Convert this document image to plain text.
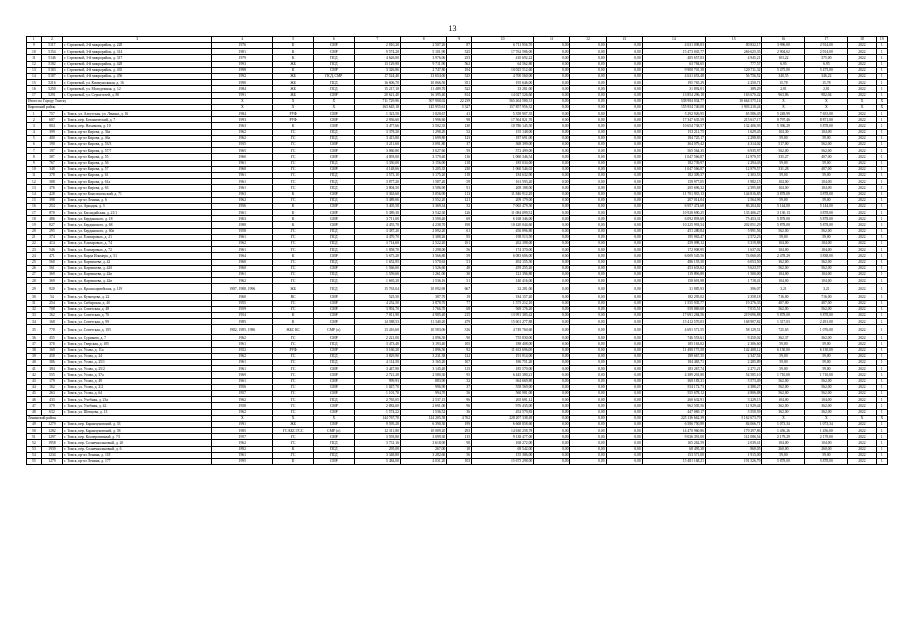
13
1	2	3	4	5	6	7	8	9	10	11	12	13	14	15	16	17	18	19
9	5117	г. Стрежевой, 2-й микрорайон, д. 228	1976	К	СМР	2 810,20	2 507,20	87	6 711 956,70	0,00	0,00	0,00	4 631 098,83	80 832,17	3 996,00	2 914,00	2022	1
10	5154	г. Стрежевой, 3-й микрорайон, д. 314	1981	К	СМР	9 574,20	5 101,90	525	17 762 586,00	0,00	0,00	0,00	15 473 045,77	266 625,35	2 904,62	2 914,00	2022	1
11	5146	г. Стрежевой, 3-й микрорайон, д. 317	1979	К	ПСД	4 626,00	3 976,06	253	410 692,22	0,00	0,00	0,00	405 657,03	4 945,21	103,22	375,00	2022	1
12	5182	г. Стрежевой, 4-й микрорайон, д. 428	1993	ЖБ	ПСД	13 129,90	9 711,90	562	64 562,80	0,00	0,00	0,00	63 784,65	777,57	6,95	6,95	2022	1
13	5183	г. Стрежевой, 4-й микрорайон, д. 435	1998	К	СМР	3 326,86	2 747,80	104	10 025 512,60	0,00	0,00	0,00	9 900 701,38	120 711,32	5 475,00	5 475,00	2022	1
14	5187	г. Стрежевой, 4-й микрорайон, д. 456	1992	ЖБ	ПСД, СМР	17 524,40	13 654,00	525	4 700 560,00	0,00	0,00	0,00	4 631 653,48	56 756,52	340,55	346,22	2022	1
15	5216	г. Стрежевой, ул. Коммунальная, д. 16	1990	ЖБ	ПСД	16 606,70	10 066,50	351	195 646,00	0,00	0,00	0,00	195 765,29	2 250,71	15,78	15,78	2022	1
16	5250	г. Стрежевой, ул. Молодежная, д. 12	1984	ЖБ	ПСД	15 217,10	11 489,70	522	33 281,00	0,00	0,00	0,00	31 892,01	389,29	2,81	2,81	2022	1
17	5291	г. Стрежевой, ул. Строителей, д. 80	1991	ЖБ	СМР	20 621,40	16 395,40	814	14 027 526,60	0,00	0,00	0,00	13 854 296,18	163 670,42	963,86	982,04	2022	1
Итого по Городу Томску			Х	Х	Х	711 729,96	507 900,02	22 239	565 464 580,31	0,00	0,00	0,00	538 984 034,77	10 664 575,14	Х	Х	Х	Х
Кировский район			Х	Х	Х	163 645,18	145 955,61	5 327	157 857 956,32	0,00	0,00	0,00	155 954 740,08	1 903 210,24	Х	Х	Х	Х
1	757	г. Томск, ул. Алеутская, ул. Ленина, д. 16	1984	РУФ	СМР	1 323,50	1 020,67	41	5 358 907,35	0,00	0,00	0,00	5 292 926,95	65 586,45	5 249,99	7 653,00	2022	1
2	687	г. Томск, пер. Ботанический, д. 7	1993	РУФ	СМР	2 936,60	1 996,60	98	17 564 821,76	0,00	0,00	0,00	17 347 635,59	215 617,17	8 797,46	8 871,00	2022	1
3	804	г. Томск, пер. Нахимова, д. 10	1963	К	СМР	3 477,66	3 502,35	130	10 786 145,50	0,00	0,00	0,00	10 654 738,57	132 406,93	5 396,29	5 878,00	2022	1
4	399	г. Томск, пр-кт Кирова, д. 36а	1962	ГС	ПСД	3 378,20	1 298,20	52	155 148,00	0,00	0,00	0,00	153 211,75	1 629,45	104,30	104,00	2022	1
5	400	г. Томск, пр-кт Кирова, д. 46а	1962	ГС	ПСД	3 415,80	1 699,80	123	187 691,00	0,00	0,00	0,00	184 725,17	2 298,83	59,00	59,00	2022	1
6	190	г. Томск, пр-кт Кирова, д. 53/3	1955	ГС	СМР	3 211,60	3 091,80	37	368 399,00	0,00	0,00	0,00	364 079,42	4 314,02	517,00	562,00	2022	1
7	197	г. Томск, пр-кт Кирова, д. 57/7	1965	ГС	СМР	3 060,80	3 027,60	59	572 499,00	0,00	0,00	0,00	565 564,35	6 935,97	562,00	562,00	2022	1
8	387	г. Томск, пр-кт Кирова, д. 55	1960	ГС	СМР	4 093,00	3 179,40	116	1 060 346,54	0,00	0,00	0,00	1 047 566,87	12 979,57	335,27	407,00	2022	1
9	767	г. Томск, пр-кт Кирова, д. 56	1961	ГС	ПСД	3 350,00	3 156,00	118	185 034,00	0,00	0,00	0,00	182 739,97	2 294,43	59,00	59,00	2022	1
10	348	г. Томск, пр-кт Кирова, д. 57	1960	ГС	СМР	4 148,66	3 205,35	230	1 060 546,02	0,00	0,00	0,00	1 047 566,87	12 979,57	331,28	407,00	2022	1
11	378	г. Томск, пр-кт Кирова, д. 61	1961	ГС	ПСД	3 573,10	3 175,20	118	184 632,90	0,00	0,00	0,00	182 309,37	2 303,53	59,00	59,00	2022	1
12	388	г. Томск, пр-кт Кирова, д. 61а	1961	ГС	ПСД	3 877,20	1 587,20	59	161 593,20	0,00	0,00	0,00	159 977,05	1 982,15	104,00	104,00	2022	1
13	376	г. Томск, пр-кт Кирова, д. 63	1961	ГС	ПСД	3 804,50	3 586,90	91	208 188,00	0,00	0,00	0,00	205 696,32	2 595,68	104,00	104,00	2022	1
14	428	г. Томск, пр-кт Комсомольский, д. 71	1963	К	СМР	3 363,60	3 056,90	113	11 846 912,20	0,00	0,00	0,00	11 701 935,13	144 816,85	3 878,00	3 878,00	2022	1
15	398	г. Томск, пр-кт Ленина, д. 6	1962	ГС	ПСД	3 489,06	3 552,20	121	209 179,00	0,00	0,00	0,00	207 014,04	2 564,96	59,00	59,00	2022	1
16	254	г. Томск, ул. Аркадия, д. 3	1956	К	СМР	3 405,58	3 369,34	52	7 065 479,50	0,00	0,00	0,00	6 957 474,68	86 204,82	5 144,00	5 144,00	2022	1
17	870	г. Томск, ул. Басандайская, д. 21/1	1961	К	СМР	5 389,30	3 542,30	126	11 084 099,52	0,00	0,00	0,00	10 928 690,25	135 406,27	3 130,13	3 878,00	2022	1
18	486	г. Томск, ул. Бердянского, д. 18	1963	К	СМР	3 711,00	3 590,40	69	6 168 346,00	0,00	0,00	0,00	6 092 893,69	75 453,31	5 878,00	5 878,00	2022	1
19	827	г. Томск, ул. Бердянского, д. 68	1988	К	СМР	4 455,70	4 238,70	190	10 420 044,60	0,00	0,00	0,00	10 225 993,54	202 051,29	5 878,00	5 878,00	2022	1
20	295	г. Томск, ул. Бердянского, д. 60а	1958	ГС	ПСД	3 387,20	2 092,20	61	456 896,80	0,00	0,00	0,00	451 280,84	5 991,56	562,00	562,00	2022	1
21	374	г. Томск, ул. Елизаровых, д. 21	1961	ГС	ПСД	4 470,70	3 388,26	95	198 513,50	0,00	0,00	0,00	195 963,47	2 572,23	59,00	59,00	2022	1
22	414	г. Томск, ул. Елизаровых, д. 74	1962	ГС	ПСД	3 714,60	2 522,20	101	262 398,00	0,00	0,00	0,00	259 098,12	3 319,88	104,00	104,00	2022	1
23	546	г. Томск, ул. Елизаровых, д. 72	1961	ГС	ПСД	1 858,70	1 298,00	56	174 370,00	0,00	0,00	0,00	172 908,95	1 637,02	104,00	104,00	2022	1
24	471	г. Томск, ул. Карла Ильмера, д. 51	1964	К	СМР	5 675,20	3 566,80	59	6 083 606,00	0,00	0,00	0,00	6 009 545,56	74 060,05	2 478,29	3 838,00	2022	1
25	560	г. Томск, ул. Картишева, д. 42	1960	ГС	ПСД	1 652,95	1 570,63	51	492 155,50	0,00	0,00	0,00	486 155,50	6 053,50	362,00	362,00	2022	1
26	561	г. Томск, ул. Картишева, д. 42б	1960	ГС	СМР	1 566,00	1 526,60	48	459 255,20	0,00	0,00	0,00	453 633,62	5 623,57	562,00	562,00	2022	1
27	369	г. Томск, ул. Картишева, д. 42в	1961	ГС	ПСД	1 559,60	1 261,00	30	121 396,80	0,00	0,00	0,00	119 896,80	1 500,00	104,00	104,00	2022	1
28	369	г. Томск, ул. Картишева, д. 42в	1962	ГС	ПСД	1 665,20	1 536,16	51	140 416,00	0,00	0,00	0,00	158 691,98	1 718,41	104,00	104,00	2022	1
29	820	г. Томск, ул. Красноармейская, д. 119	1987, 1988, 1996	ЖБ	ПСД	15 763,04	10 092,69	667	32 281,00	0,00	0,00	0,00	31 885,93	396,07	3,21	3,21	2022	1
30	54	г. Томск, ул. Кузнецова, д. 22	1960	ВС	СМР	525,50	387,70	19	184 157,20	0,00	0,00	0,00	182 295,02	2 358,18	716,00	716,00	2022	1
31	254	г. Томск, ул. Сибирская, д. 4б	1955	ГС	СМР	4 252,50	3 878,70	77	1 575 212,10	0,00	0,00	0,00	1 555 935,77	19 276,33	407,00	407,00	2022	1
32	708	г. Томск, ул. Советская, д. 48	1959	ГС	СМР	3 992,70	1 766,70	68	569 176,20	0,00	0,00	0,00	559 869,68	7 015,51	562,00	562,00	2022	1
33	162	г. Томск, ул. Советская, д. 76	1954	К	СМР	7 811,90	4 985,40	215	13 991 385,42	0,00	0,00	0,00	17 691 284,56	219 096,88	5 878,00	5 878,00	2022	1
34	168	г. Томск, ул. Советская, д. 99	1985	К	СМР	14 588,53	11 340,20	479	15 601 277,88	0,00	0,00	0,00	15 412 570,03	168 907,82	1 317,03	2 491,00	2022	1
35	778	г. Томск, ул. Советская, д. 105	1982, 1985, 1986	ЖБС КС	СМР (о)	13 416,60	10 583,06	316	4 749 760,60	0,00	0,00	0,00	4 691 571,55	58 129,51	725,65	1 076,00	2022	1
36	455	г. Томск, ул. Сурикова, д. 7	1962	ГС	СМР	2 221,00	2 096,30	90	755 830,00	0,00	0,00	0,00	746 553,61	9 250,02	362,37	362,00	2022	1
37	370	г. Томск, ул. Тверская, д. 105	1961	ГС	ПСД	3 473,40	3 193,40	105	188 408,00	0,00	0,00	0,00	185 163,02	2 306,60	59,00	59,00	2022	1
38	169	г. Томск, ул. Усова, д. 11а	1952	РУФ	СМР	3 160,20	1 896,50	92	11 633 696,00	0,00	0,00	0,00	11 490 175,58	142 408,12	6 130,00	6 130,00	2022	1
39	458	г. Томск, ул. Усова, д. 24	1962	ГС	ПСД	3 829,90	3 231,38	122	191 914,00	0,00	0,00	0,00	189 667,35	2 347,54	59,00	59,00	2022	1
40	386	г. Томск, ул. Усова, д. 25/1	1961	ГС	ПСД	4 114,50	3 165,20	107	186 751,20	0,00	0,00	0,00	184 465,71	2 285,89	59,00	59,00	2022	1
41	384	г. Томск, ул. Усова, д. 25/2	1961	ГС	СМР	3 447,90	3 145,40	115	185 570,00	0,00	0,00	0,00	183 267,74	2 271,21	59,00	59,00	2022	1
42	555	г. Томск, ул. Усова, д. 37а	1969	ГС	СМР	2 721,20	2 580,30	95	6 445 380,21	0,00	0,00	0,00	4 389 201,80	54 585,10	1 710,00	1 710,00	2022	1
43	179	г. Томск, ул. Усова, д. 49	1961	ГС	СМР	999,93	883,90	32	364 669,80	0,00	0,00	0,00	360 183,31	5 573,49	562,00	562,00	2022	1
44	162	г. Томск, ул. Усова, д. 2/2	1956	ГС	СМР	1 047,70	996,90	37	558 569,00	0,00	0,00	0,00	554 172,73	4 388,27	562,00	562,00	2022	1
45	263	г. Томск, ул. Усова, д. 64	1957	ГС	СМР	1 101,70	994,70	56	560 981,00	0,00	0,00	0,00	555 678,12	4 806,88	562,00	562,00	2022	1
46	433	г. Томск, ул. Учебная, д. 23а	1962	ГС	ПСД	2 765,05	2 537,15	96	265 691,12	0,00	0,00	0,00	260 632,91	3 229,15	104,00	104,00	2022	1
47	379	г. Томск, ул. Учебная, д. 42	1958	ГС	СМР	2 882,60	2 691,00	96	976 435,00	0,00	0,00	0,00	962 505,56	11 929,44	362,00	362,00	2022	1
48	632	г. Томск, ул. Шевцова, д. 13	1962	ГС	СМР	1 574,22	1 536,52	36	452 579,83	0,00	0,00	0,00	447 069,17	5 550,59	362,00	362,00	2022	1
Ленинский район			Х	Х	Х	144 767,78	124 205,58	4 762	228 207 338,49	0,00	0,00	0,00	225 136 662,39	3 162 673,79	Х	Х	Х	Х
49	1279	г. Томск, пер. Баранчуковский, д. 33	1991	ЖБ	СМР	9 595,20	6 390,30	199	6 668 858,60	0,00	0,00	0,00	6 586 750,89	84 066,71	1 073,34	1 073,34	2022	1
50	1282	г. Томск, пер. Баранчуковский, д. 38	1985	ГС КБС ГСС	СМР (о)	12 311,80	10 089,20	293	14 630 258,78	0,00	0,00	0,00	14 470 960,86	179 297,86	1 456,26	1 456,00	2022	1
51	1297	г. Томск, пер. Кооперативный, д. 7/1	1957	ГС	СМР	3 593,80	3 099,30	115	9 138 477,00	0,00	0,00	0,00	9 026 391,00	112 086,54	2 179,29	2 179,00	2022	1
52	1958	г. Томск, пер. Солнечнальковый, д. 2б	1962	ГС	ПСД	3 731,16	3 618,00	98	168 272,00	0,00	0,00	0,00	165 262,59	2 039,41	104,00	104,00	2022	1
53	1939	г. Томск, пер. Солнечнальковый, д. 6	1892	К	ПСД	295,00	267,00	10	69 542,00	0,00	0,00	0,00	68 495,38	868,05	260,00	260,00	2022	1
54	1234	г. Томск, пр-кт Ленина, д. 118	1961	ГС	ПСД	3 348,80	3 282,60	56	155 386,00	0,00	0,00	0,00	153 571,00	1 915,00	59,00	59,00	2022	1
55	1279	г. Томск, пр-кт Ленина, д. 177	1995	К	СМР	5 484,00	4 031,20	103	15 675 298,00	0,00	0,00	0,00	15 481 168,21	191 526,79	5 878,00	5 878,00	2022	1
